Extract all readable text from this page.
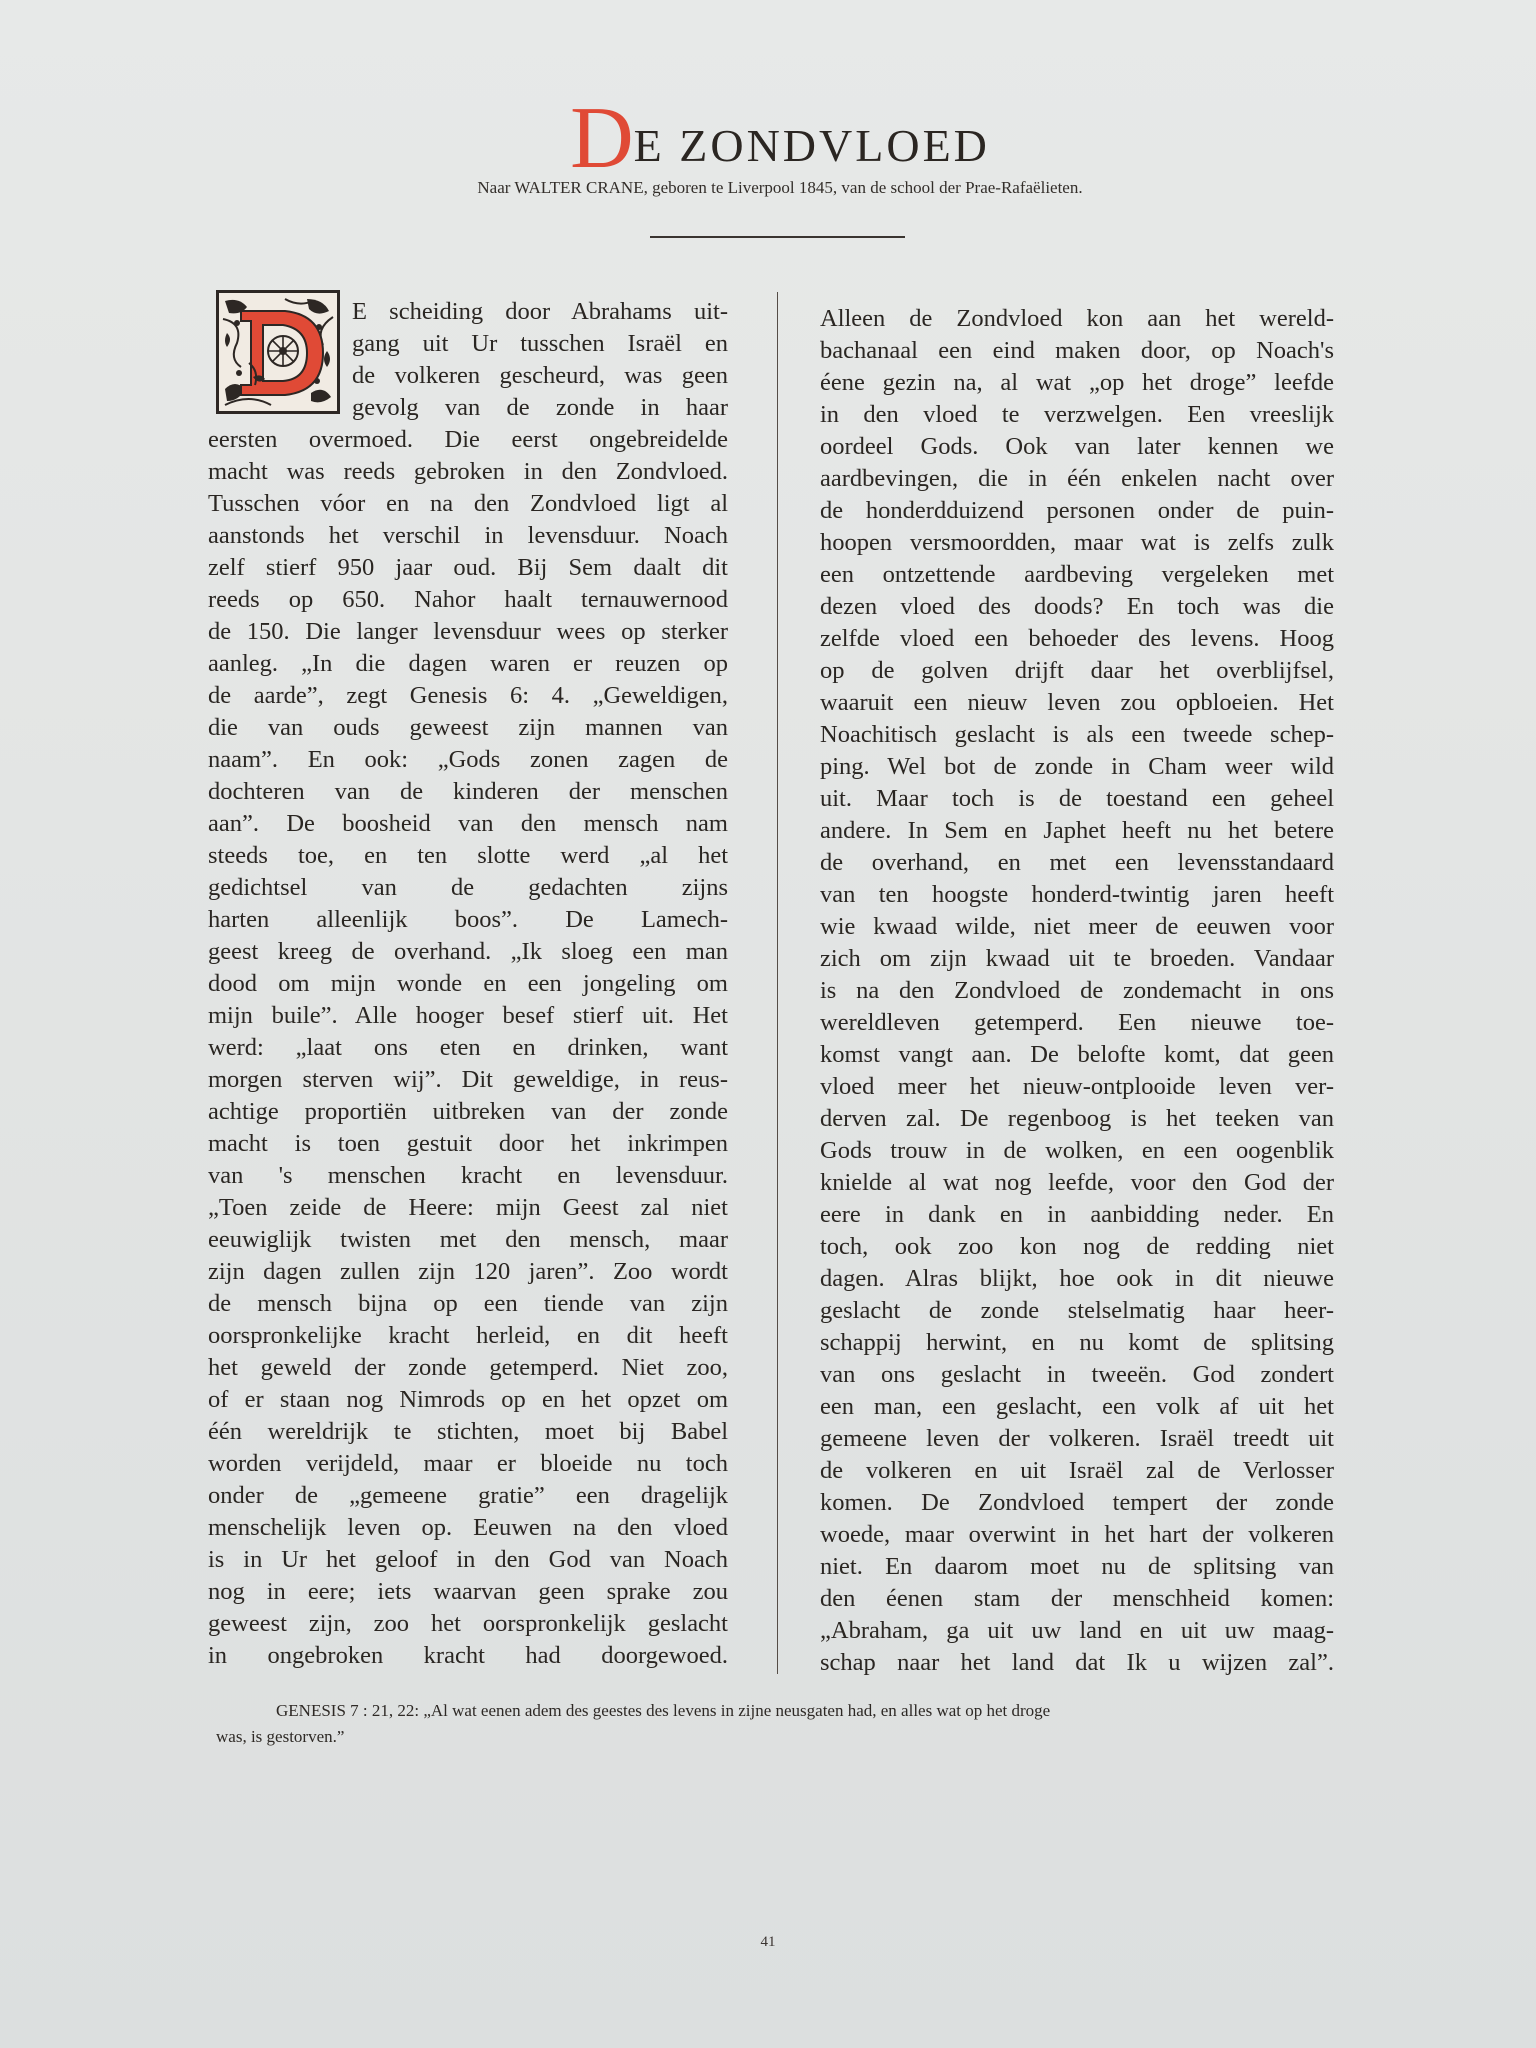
DE ZONDVLOED
Naar WALTER CRANE, geboren te Liverpool 1845, van de school der Prae-Rafaëlieten.
E scheiding door Abrahams uit-
gang uit Ur tusschen Israël en
de volkeren gescheurd, was geen
gevolg van de zonde in haar
eersten overmoed. Die eerst ongebreidelde
macht was reeds gebroken in den Zondvloed.
Tusschen vóor en na den Zondvloed ligt al
aanstonds het verschil in levensduur. Noach
zelf stierf 950 jaar oud. Bij Sem daalt dit
reeds op 650. Nahor haalt ternauwernood
de 150. Die langer levensduur wees op sterker
aanleg. „In die dagen waren er reuzen op
de aarde”, zegt Genesis 6: 4. „Geweldigen,
die van ouds geweest zijn mannen van
naam”. En ook: „Gods zonen zagen de
dochteren van de kinderen der menschen
aan”. De boosheid van den mensch nam
steeds toe, en ten slotte werd „al het
gedichtsel van de gedachten zijns
harten alleenlijk boos”. De Lamech-
geest kreeg de overhand. „Ik sloeg een man
dood om mijn wonde en een jongeling om
mijn buile”. Alle hooger besef stierf uit. Het
werd: „laat ons eten en drinken, want
morgen sterven wij”. Dit geweldige, in reus-
achtige proportiën uitbreken van der zonde
macht is toen gestuit door het inkrimpen
van 's menschen kracht en levensduur.
„Toen zeide de Heere: mijn Geest zal niet
eeuwiglijk twisten met den mensch, maar
zijn dagen zullen zijn 120 jaren”. Zoo wordt
de mensch bijna op een tiende van zijn
oorspronkelijke kracht herleid, en dit heeft
het geweld der zonde getemperd. Niet zoo,
of er staan nog Nimrods op en het opzet om
één wereldrijk te stichten, moet bij Babel
worden verijdeld, maar er bloeide nu toch
onder de „gemeene gratie” een dragelijk
menschelijk leven op. Eeuwen na den vloed
is in Ur het geloof in den God van Noach
nog in eere; iets waarvan geen sprake zou
geweest zijn, zoo het oorspronkelijk geslacht
in ongebroken kracht had doorgewoed.
Alleen de Zondvloed kon aan het wereld-
bachanaal een eind maken door, op Noach's
éene gezin na, al wat „op het droge” leefde
in den vloed te verzwelgen. Een vreeslijk
oordeel Gods. Ook van later kennen we
aardbevingen, die in één enkelen nacht over
de honderdduizend personen onder de puin-
hoopen versmoordden, maar wat is zelfs zulk
een ontzettende aardbeving vergeleken met
dezen vloed des doods? En toch was die
zelfde vloed een behoeder des levens. Hoog
op de golven drijft daar het overblijfsel,
waaruit een nieuw leven zou opbloeien. Het
Noachitisch geslacht is als een tweede schep-
ping. Wel bot de zonde in Cham weer wild
uit. Maar toch is de toestand een geheel
andere. In Sem en Japhet heeft nu het betere
de overhand, en met een levensstandaard
van ten hoogste honderd-twintig jaren heeft
wie kwaad wilde, niet meer de eeuwen voor
zich om zijn kwaad uit te broeden. Vandaar
is na den Zondvloed de zondemacht in ons
wereldleven getemperd. Een nieuwe toe-
komst vangt aan. De belofte komt, dat geen
vloed meer het nieuw-ontplooide leven ver-
derven zal. De regenboog is het teeken van
Gods trouw in de wolken, en een oogenblik
knielde al wat nog leefde, voor den God der
eere in dank en in aanbidding neder. En
toch, ook zoo kon nog de redding niet
dagen. Alras blijkt, hoe ook in dit nieuwe
geslacht de zonde stelselmatig haar heer-
schappij herwint, en nu komt de splitsing
van ons geslacht in tweeën. God zondert
een man, een geslacht, een volk af uit het
gemeene leven der volkeren. Israël treedt uit
de volkeren en uit Israël zal de Verlosser
komen. De Zondvloed tempert der zonde
woede, maar overwint in het hart der volkeren
niet. En daarom moet nu de splitsing van
den éenen stam der menschheid komen:
„Abraham, ga uit uw land en uit uw maag-
schap naar het land dat Ik u wijzen zal”.
GENESIS 7 : 21, 22: „Al wat eenen adem des geestes des levens in zijne neusgaten had, en alles wat op het droge
was, is gestorven.”
41
